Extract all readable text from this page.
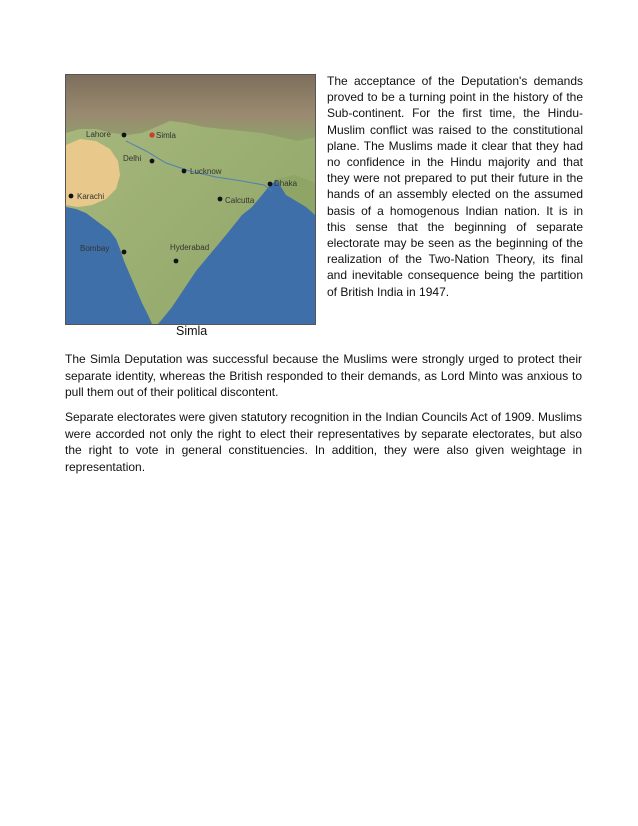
Lahore	Simla
Delhi
Lucknow
Karachi
Dhaka
Calcutta
Bombay	Hyderabad
Simla

The acceptance of the Deputation's demands proved to be a turning point in the history of the Sub-continent. For the first time, the Hindu-Muslim conflict was raised to the constitutional plane. The Muslims made it clear that they had no confidence in the Hindu majority and that they were not prepared to put their future in the hands of an assembly elected on the assumed basis of a homogenous Indian nation. It is in this sense that the beginning of separate electorate may be seen as the beginning of the realization of the Two-Nation Theory, its final and inevitable consequence being the partition of British India in 1947.

The Simla Deputation was successful because the Muslims were strongly urged to protect their separate identity, whereas the British responded to their demands, as Lord Minto was anxious to pull them out of their political discontent.

Separate electorates were given statutory recognition in the Indian Councils Act of 1909. Muslims were accorded not only the right to elect their representatives by separate electorates, but also the right to vote in general constituencies. In addition, they were also given weightage in representation.
